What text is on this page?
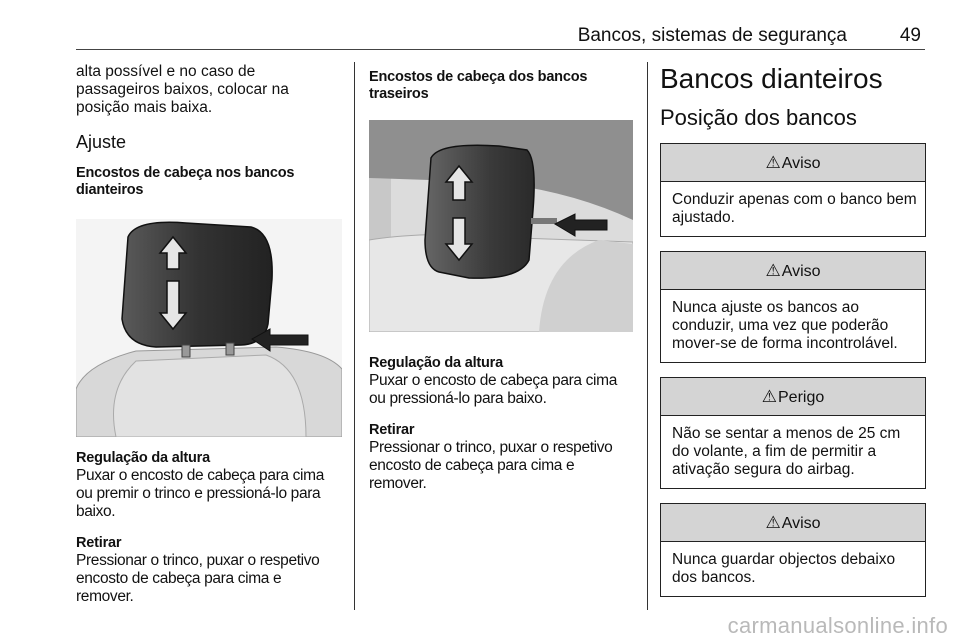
Bancos, sistemas de segurança	49

alta possível e no caso de passageiros baixos, colocar na posição mais baixa.

Ajuste
Encostos de cabeça nos bancos dianteiros
Regulação da altura

Puxar o encosto de cabeça para cima ou premir o trinco e pressioná-lo para baixo.

Retirar

Pressionar o trinco, puxar o respetivo encosto de cabeça para cima e remover.

Encostos de cabeça dos bancos traseiros
Regulação da altura

Puxar o encosto de cabeça para cima ou pressioná-lo para baixo.

Retirar

Pressionar o trinco, puxar o respetivo encosto de cabeça para cima e remover.

Bancos dianteiros
Posição dos bancos
⚠Aviso
Conduzir apenas com o banco bem ajustado.
⚠Aviso
Nunca ajuste os bancos ao conduzir, uma vez que poderão mover-se de forma incontrolável.
⚠Perigo
Não se sentar a menos de 25 cm do volante, a fim de permitir a ativação segura do airbag.
⚠Aviso
Nunca guardar objectos debaixo dos bancos.
carmanualsonline.info
